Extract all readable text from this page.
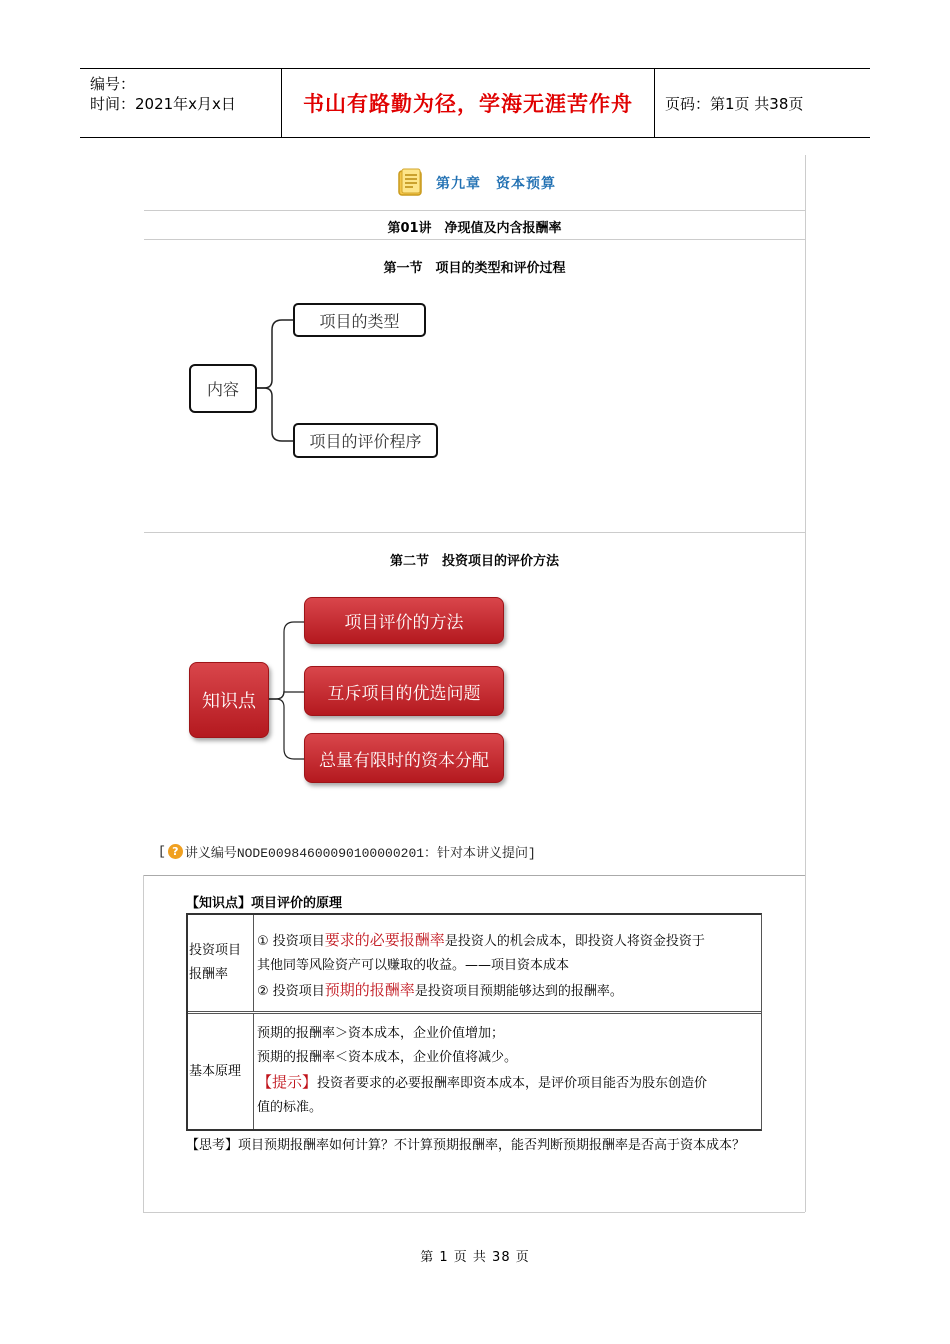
编号：
时间：2021年x月x日	书山有路勤为径，学海无涯苦作舟 页码：第1页 共38页
第九章　资本预算
第01讲　净现值及内含报酬率
第一节　项目的类型和评价过程
内容
项目的类型
项目的评价程序
第二节　投资项目的评价方法
知识点
项目评价的方法
互斥项目的优选问题
总量有限时的资本分配
[ ? 讲义编号NODE00984600090100000201：针对本讲义提问]
【知识点】项目评价的原理
投资项目
报酬率
① 投资项目要求的必要报酬率是投资人的机会成本，即投资人将资金投资于
其他同等风险资产可以赚取的收益。——项目资本成本
② 投资项目预期的报酬率是投资项目预期能够达到的报酬率。
基本原理
预期的报酬率＞资本成本，企业价值增加；
预期的报酬率＜资本成本，企业价值将减少。
【提示】投资者要求的必要报酬率即资本成本，是评价项目能否为股东创造价
值的标准。
【思考】项目预期报酬率如何计算？不计算预期报酬率，能否判断预期报酬率是否高于资本成本？
第 1 页 共 38 页
